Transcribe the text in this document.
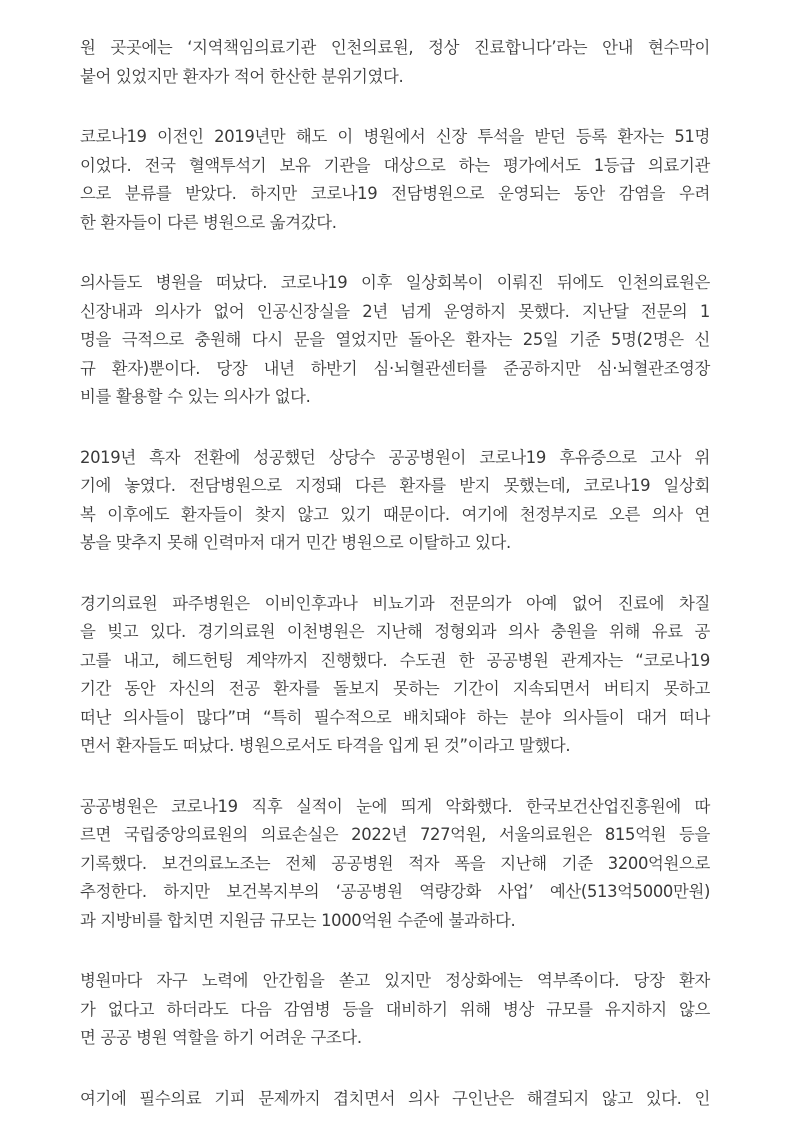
원 곳곳에는 ‘지역책임의료기관 인천의료원, 정상 진료합니다’라는 안내 현수막이
붙어 있었지만 환자가 적어 한산한 분위기였다.

코로나19 이전인 2019년만 해도 이 병원에서 신장 투석을 받던 등록 환자는 51명
이었다. 전국 혈액투석기 보유 기관을 대상으로 하는 평가에서도 1등급 의료기관
으로 분류를 받았다. 하지만 코로나19 전담병원으로 운영되는 동안 감염을 우려
한 환자들이 다른 병원으로 옮겨갔다.

의사들도 병원을 떠났다. 코로나19 이후 일상회복이 이뤄진 뒤에도 인천의료원은
신장내과 의사가 없어 인공신장실을 2년 넘게 운영하지 못했다. 지난달 전문의 1
명을 극적으로 충원해 다시 문을 열었지만 돌아온 환자는 25일 기준 5명(2명은 신
규 환자)뿐이다. 당장 내년 하반기 심·뇌혈관센터를 준공하지만 심·뇌혈관조영장
비를 활용할 수 있는 의사가 없다.

2019년 흑자 전환에 성공했던 상당수 공공병원이 코로나19 후유증으로 고사 위
기에 놓였다. 전담병원으로 지정돼 다른 환자를 받지 못했는데, 코로나19 일상회
복 이후에도 환자들이 찾지 않고 있기 때문이다. 여기에 천정부지로 오른 의사 연
봉을 맞추지 못해 인력마저 대거 민간 병원으로 이탈하고 있다.

경기의료원 파주병원은 이비인후과나 비뇨기과 전문의가 아예 없어 진료에 차질
을 빚고 있다. 경기의료원 이천병원은 지난해 정형외과 의사 충원을 위해 유료 공
고를 내고, 헤드헌팅 계약까지 진행했다. 수도권 한 공공병원 관계자는 “코로나19
기간 동안 자신의 전공 환자를 돌보지 못하는 기간이 지속되면서 버티지 못하고
떠난 의사들이 많다”며 “특히 필수적으로 배치돼야 하는 분야 의사들이 대거 떠나
면서 환자들도 떠났다. 병원으로서도 타격을 입게 된 것”이라고 말했다.

공공병원은 코로나19 직후 실적이 눈에 띄게 악화했다. 한국보건산업진흥원에 따
르면 국립중앙의료원의 의료손실은 2022년 727억원, 서울의료원은 815억원 등을
기록했다. 보건의료노조는 전체 공공병원 적자 폭을 지난해 기준 3200억원으로
추정한다. 하지만 보건복지부의 ‘공공병원 역량강화 사업’ 예산(513억5000만원)
과 지방비를 합치면 지원금 규모는 1000억원 수준에 불과하다.

병원마다 자구 노력에 안간힘을 쏟고 있지만 정상화에는 역부족이다. 당장 환자
가 없다고 하더라도 다음 감염병 등을 대비하기 위해 병상 규모를 유지하지 않으
면 공공 병원 역할을 하기 어려운 구조다.

여기에 필수의료 기피 문제까지 겹치면서 의사 구인난은 해결되지 않고 있다. 인
